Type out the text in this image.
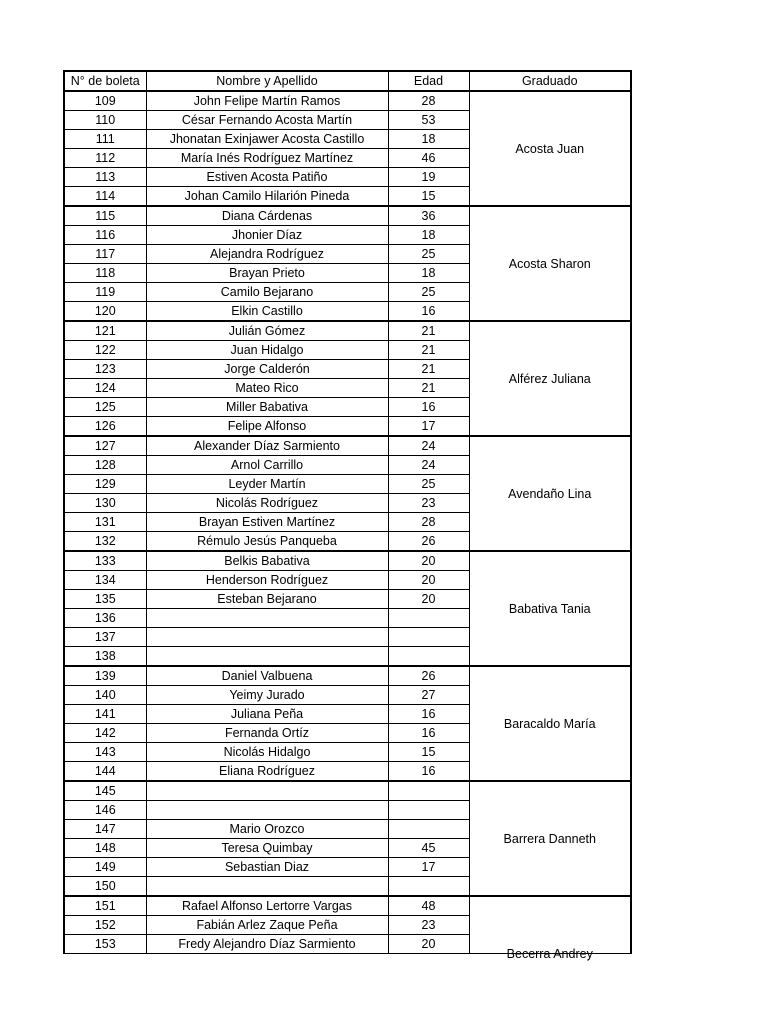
N° de boleta	Nombre y Apellido	Edad	Graduado
109	John Felipe Martín Ramos	28	Acosta Juan
110	César Fernando Acosta Martín	53	
111	Jhonatan Exinjawer Acosta Castillo	18	
112	María Inés Rodríguez Martínez	46	
113	Estiven Acosta Patiño	19	
114	Johan Camilo Hilarión Pineda	15	
115	Diana Cárdenas	36	Acosta Sharon
116	Jhonier Díaz	18	
117	Alejandra Rodríguez	25	
118	Brayan Prieto	18	
119	Camilo Bejarano	25	
120	Elkin Castillo	16	
121	Julián Gómez	21	Alférez Juliana
122	Juan Hidalgo	21	
123	Jorge Calderón	21	
124	Mateo Rico	21	
125	Miller Babativa	16	
126	Felipe Alfonso	17	
127	Alexander Díaz Sarmiento	24	Avendaño Lina
128	Arnol Carrillo	24	
129	Leyder Martín	25	
130	Nicolás Rodríguez	23	
131	Brayan Estiven Martínez	28	
132	Rémulo Jesús Panqueba	26	
133	Belkis Babativa	20	Babativa Tania
134	Henderson Rodríguez	20	
135	Esteban Bejarano	20	
136			
137			
138			
139	Daniel Valbuena	26	Baracaldo María
140	Yeimy Jurado	27	
141	Juliana Peña	16	
142	Fernanda Ortíz	16	
143	Nicolás Hidalgo	15	
144	Eliana Rodríguez	16	
145			Barrera Danneth
146			
147	Mario Orozco		
148	Teresa Quimbay	45	
149	Sebastian Diaz	17	
150			
151	Rafael Alfonso Lertorre Vargas	48	Becerra Andrey
152	Fabián Arlez Zaque Peña	23	
153	Fredy Alejandro Díaz Sarmiento	20	
